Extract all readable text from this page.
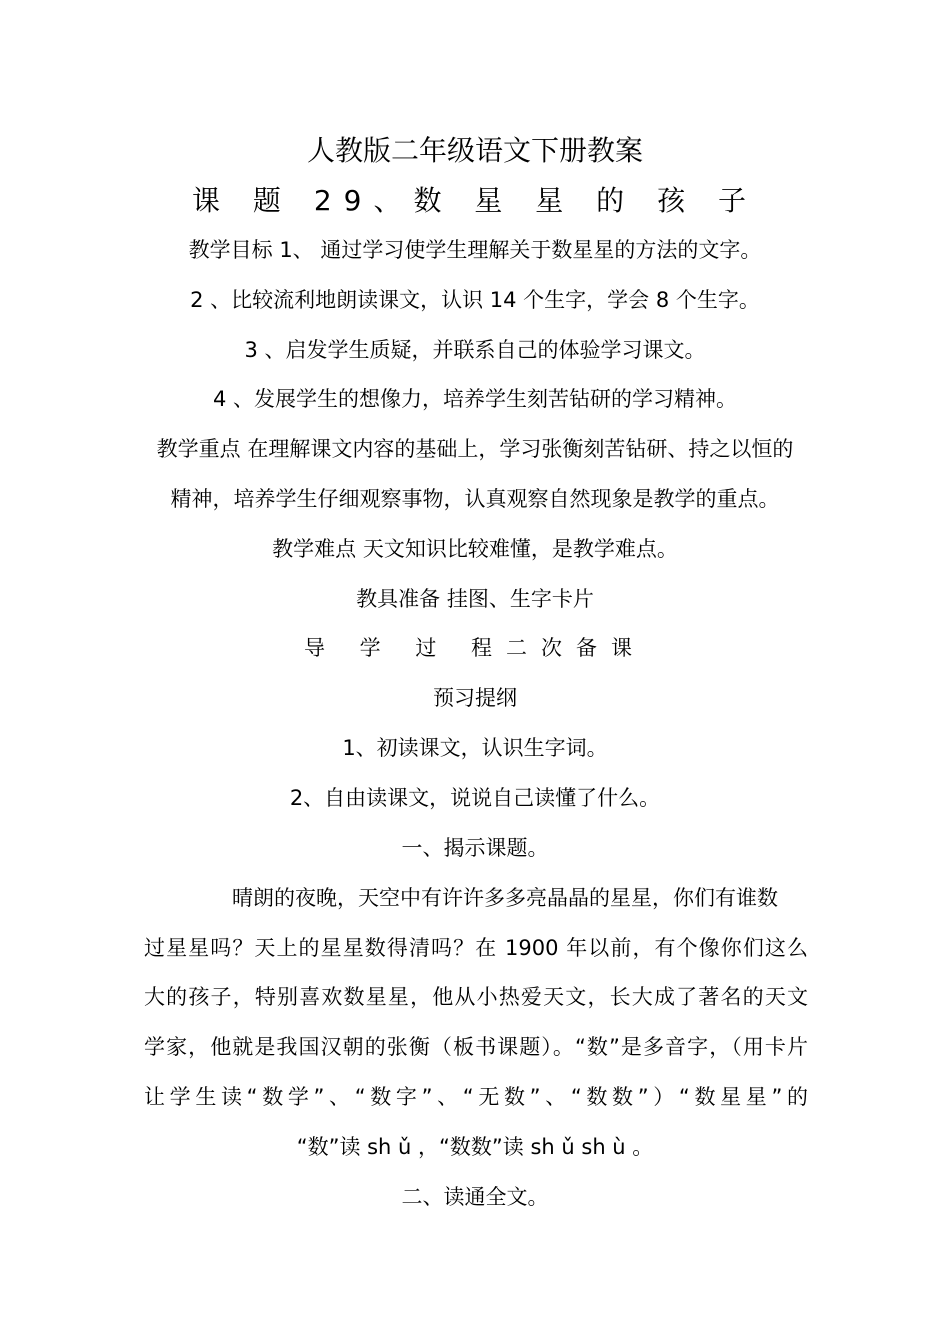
人教版二年级语文下册教案
课 题 29、数 星 星 的 孩 子
教学目标 1、 通过学习使学生理解关于数星星的方法的文字。
2 、比较流利地朗读课文，认识 14 个生字，学会 8 个生字。
3 、启发学生质疑，并联系自己的体验学习课文。
4 、发展学生的想像力，培养学生刻苦钻研的学习精神。
教学重点 在理解课文内容的基础上，学习张衡刻苦钻研、持之以恒的
精神，培养学生仔细观察事物，认真观察自然现象是教学的重点。
教学难点 天文知识比较难懂，是教学难点。
教具准备 挂图、生字卡片
导 学 过 程二次备课
预习提纲
1、初读课文，认识生字词。
2、自由读课文，说说自己读懂了什么。
一、揭示课题。
晴朗的夜晚，天空中有许许多多亮晶晶的星星，你们有谁数
过星星吗？天上的星星数得清吗？在 1900 年以前，有个像你们这么
大的孩子，特别喜欢数星星，他从小热爱天文，长大成了著名的天文
学家，他就是我国汉朝的张衡（板书课题）。“数”是多音字，（用卡片
让学生读“数学”、“数字”、“无数”、“数数”）“数星星”的
“数”读 sh ǔ ，“数数”读 sh ǔ sh ù 。
二、读通全文。
